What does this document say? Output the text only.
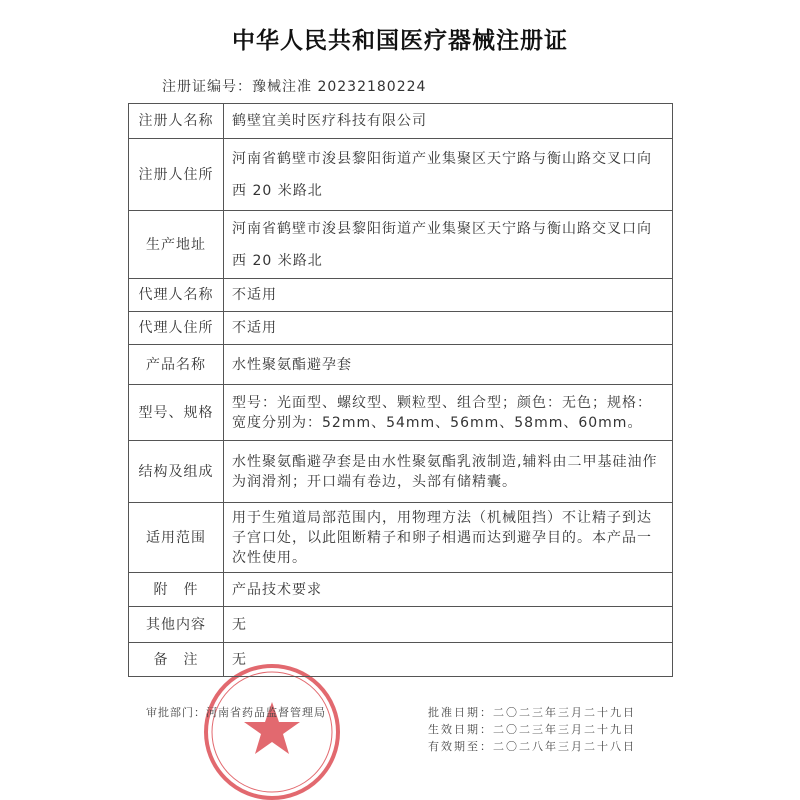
中华人民共和国医疗器械注册证
注册证编号：豫械注准 20232180224
注册人名称	鹤壁宜美时医疗科技有限公司
注册人住所	河南省鹤壁市浚县黎阳街道产业集聚区天宁路与衡山路交叉口向西 20 米路北
生产地址	河南省鹤壁市浚县黎阳街道产业集聚区天宁路与衡山路交叉口向西 20 米路北
代理人名称	不适用
代理人住所	不适用
产品名称	水性聚氨酯避孕套
型号、规格	型号：光面型、螺纹型、颗粒型、组合型；颜色：无色；规格：宽度分别为：52mm、54mm、56mm、58mm、60mm。
结构及组成	水性聚氨酯避孕套是由水性聚氨酯乳液制造,辅料由二甲基硅油作为润滑剂；开口端有卷边，头部有储精囊。
适用范围	用于生殖道局部范围内，用物理方法（机械阻挡）不让精子到达子宫口处，以此阻断精子和卵子相遇而达到避孕目的。本产品一次性使用。
附　件	产品技术要求
其他内容	无
备　注	无
审批部门：河南省药品监督管理局	批准日期：二〇二三年三月二十九日
生效日期：二〇二三年三月二十九日
有效期至：二〇二八年三月二十八日
